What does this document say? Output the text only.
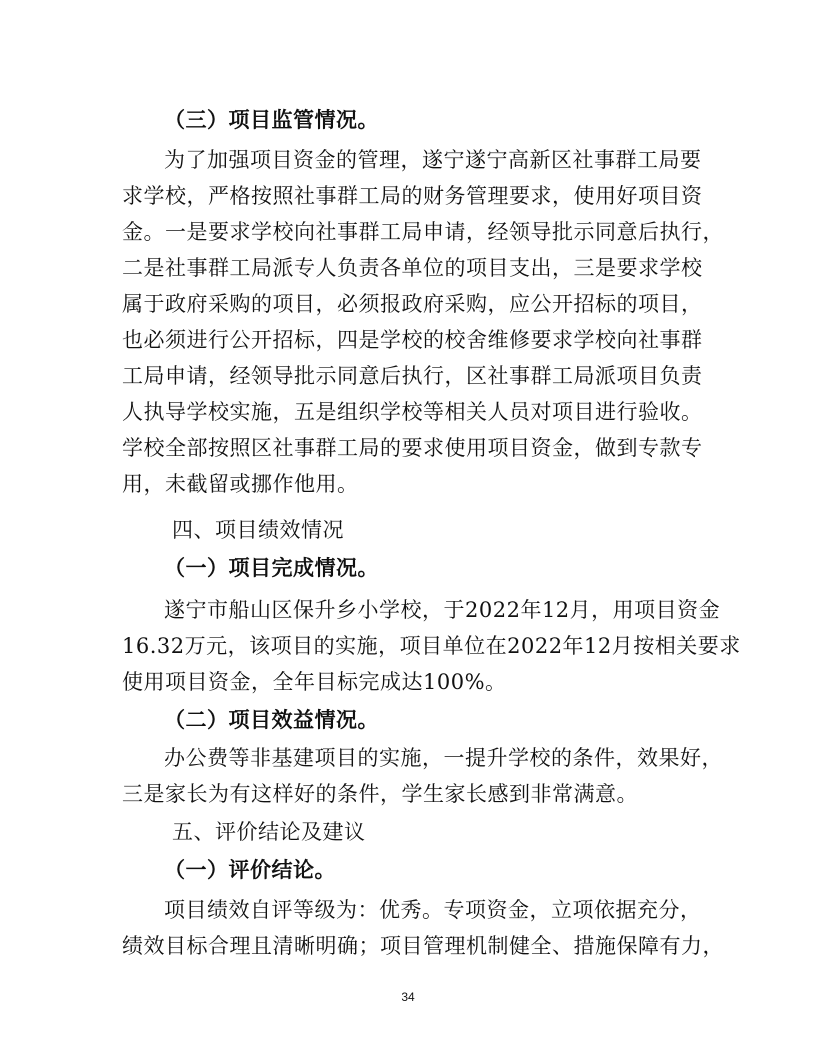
（三）项目监管情况。
为了加强项目资金的管理，遂宁遂宁高新区社事群工局要
求学校，严格按照社事群工局的财务管理要求，使用好项目资
金。一是要求学校向社事群工局申请，经领导批示同意后执行，
二是社事群工局派专人负责各单位的项目支出，三是要求学校
属于政府采购的项目，必须报政府采购，应公开招标的项目，
也必须进行公开招标，四是学校的校舍维修要求学校向社事群
工局申请，经领导批示同意后执行，区社事群工局派项目负责
人执导学校实施，五是组织学校等相关人员对项目进行验收。
学校全部按照区社事群工局的要求使用项目资金，做到专款专
用，未截留或挪作他用。
四、项目绩效情况
（一）项目完成情况。
遂宁市船山区保升乡小学校，于2022年12月，用项目资金
16.32万元，该项目的实施，项目单位在2022年12月按相关要求
使用项目资金，全年目标完成达100%。
（二）项目效益情况。
办公费等非基建项目的实施，一提升学校的条件，效果好，
三是家长为有这样好的条件，学生家长感到非常满意。
五、评价结论及建议
（一）评价结论。
项目绩效自评等级为：优秀。专项资金，立项依据充分，
绩效目标合理且清晰明确；项目管理机制健全、措施保障有力，
34
